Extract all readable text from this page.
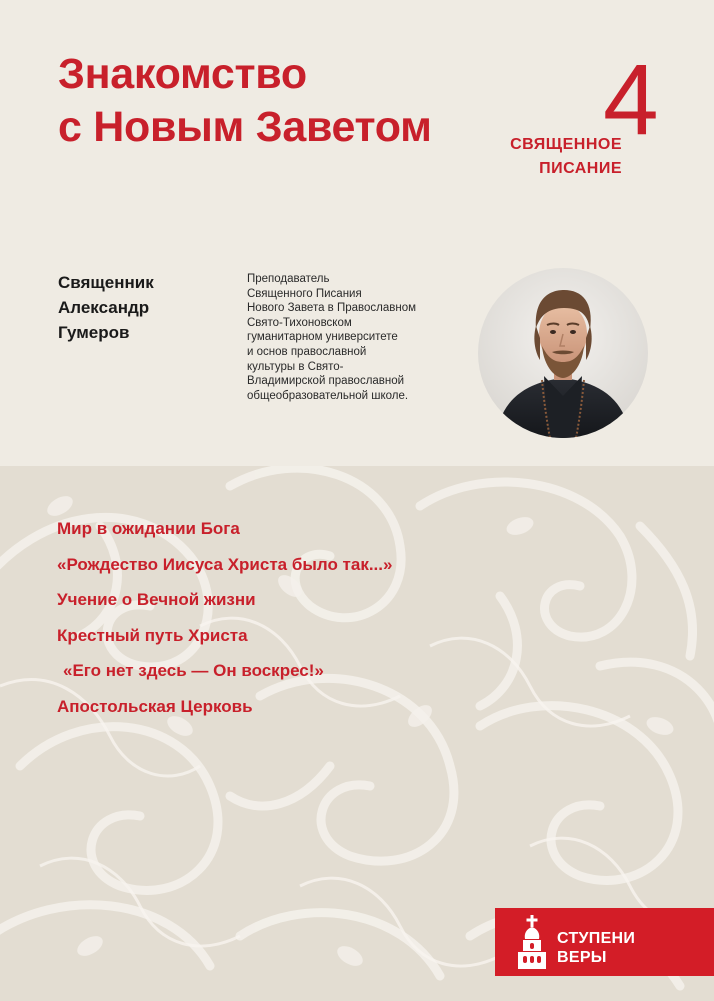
Знакомство
с Новым Заветом 4
СВЯЩЕННОЕ
ПИСАНИЕ
Священник
Александр
Гумеров
Преподаватель
Священного Писания
Нового Завета в Православном
Свято-Тихоновском
гуманитарном университете
и основ православной
культуры в Свято-
Владимирской православной
общеобразовательной школе.
Мир в ожидании Бога
«Рождество Иисуса Христа было так...»
Учение о Вечной жизни
Крестный путь Христа
«Его нет здесь — Он воскрес!»
Апостольская Церковь
СТУПЕНИ
ВЕРЫ
